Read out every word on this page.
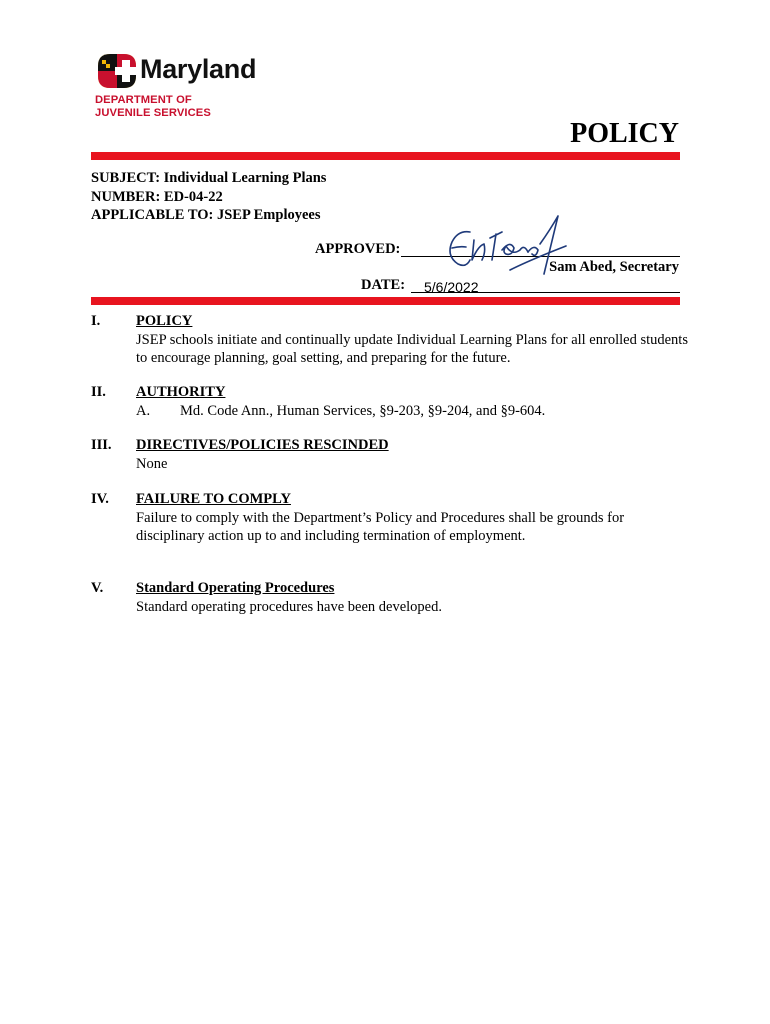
Maryland
DEPARTMENT OF
JUVENILE SERVICES
POLICY
SUBJECT: Individual Learning Plans
NUMBER: ED-04-22
APPLICABLE TO: JSEP Employees
APPROVED:
Sam Abed, Secretary
DATE: 5/6/2022
I. POLICY
JSEP schools initiate and continually update Individual Learning Plans for all enrolled students to encourage planning, goal setting, and preparing for the future.
II. AUTHORITY
A. Md. Code Ann., Human Services, §9-203, §9-204, and §9-604.
III. DIRECTIVES/POLICIES RESCINDED
None
IV. FAILURE TO COMPLY
Failure to comply with the Department’s Policy and Procedures shall be grounds for disciplinary action up to and including termination of employment.
V. Standard Operating Procedures
Standard operating procedures have been developed.
